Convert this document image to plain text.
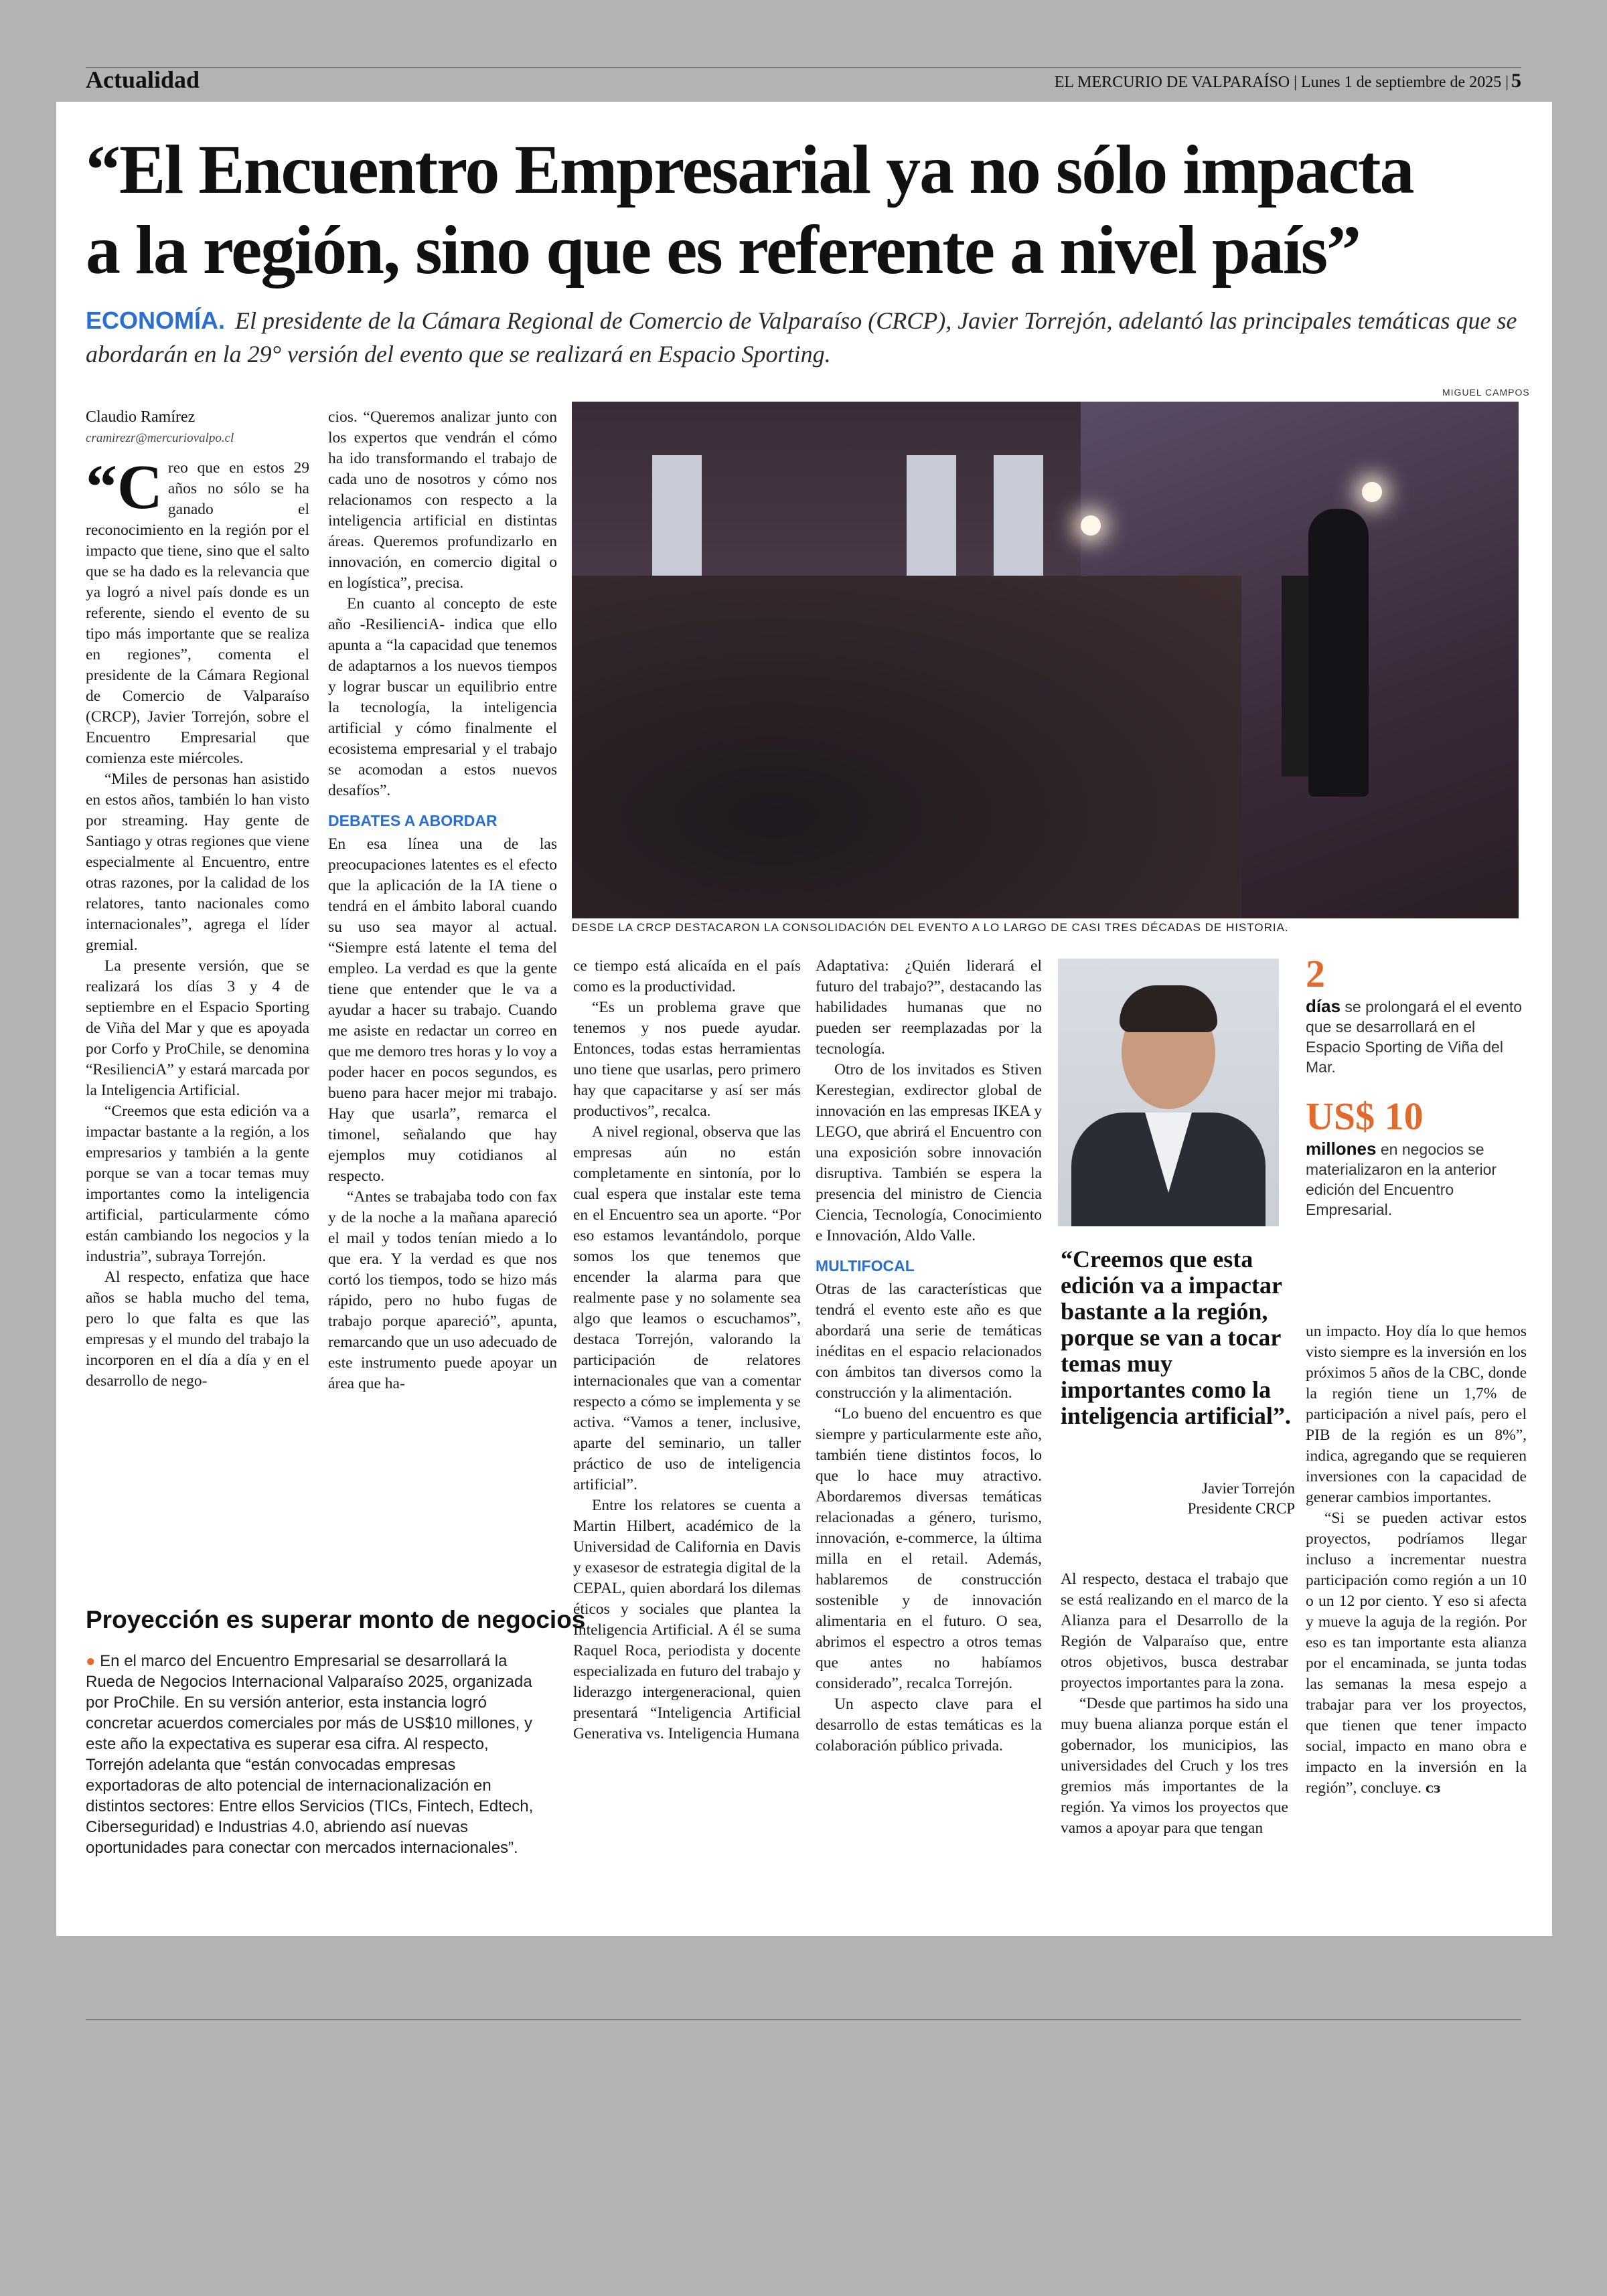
Actualidad	EL MERCURIO DE VALPARAÍSO | Lunes 1 de septiembre de 2025 | 5
“El Encuentro Empresarial ya no sólo impacta
a la región, sino que es referente a nivel país”
ECONOMÍA. El presidente de la Cámara Regional de Comercio de Valparaíso (CRCP), Javier Torrejón, adelantó las principales temáticas que se abordarán en la 29° versión del evento que se realizará en Espacio Sporting.
Claudio Ramírez
cramirezr@mercuriovalpo.cl

“Creo que en estos 29 años no sólo se ha ganado el reconocimiento en la región por el impacto que tiene, sino que el salto que se ha dado es la relevancia que ya logró a nivel país donde es un referente, siendo el evento de su tipo más importante que se realiza en regiones”, comenta el presidente de la Cámara Regional de Comercio de Valparaíso (CRCP), Javier Torrejón, sobre el Encuentro Empresarial que comienza este miércoles.

“Miles de personas han asistido en estos años, también lo han visto por streaming. Hay gente de Santiago y otras regiones que viene especialmente al Encuentro, entre otras razones, por la calidad de los relatores, tanto nacionales como internacionales”, agrega el líder gremial.

La presente versión, que se realizará los días 3 y 4 de septiembre en el Espacio Sporting de Viña del Mar y que es apoyada por Corfo y ProChile, se denomina “ResilienciA” y estará marcada por la Inteligencia Artificial.

“Creemos que esta edición va a impactar bastante a la región, a los empresarios y también a la gente porque se van a tocar temas muy importantes como la inteligencia artificial, particularmente cómo están cambiando los negocios y la industria”, subraya Torrejón.

Al respecto, enfatiza que hace años se habla mucho del tema, pero lo que falta es que las empresas y el mundo del trabajo la incorporen en el día a día y en el desarrollo de nego-

cios. “Queremos analizar junto con los expertos que vendrán el cómo ha ido transformando el trabajo de cada uno de nosotros y cómo nos relacionamos con respecto a la inteligencia artificial en distintas áreas. Queremos profundizarlo en innovación, en comercio digital o en logística”, precisa.

En cuanto al concepto de este año -ResilienciA- indica que ello apunta a “la capacidad que tenemos de adaptarnos a los nuevos tiempos y lograr buscar un equilibrio entre la tecnología, la inteligencia artificial y cómo finalmente el ecosistema empresarial y el trabajo se acomodan a estos nuevos desafíos”.

DEBATES A ABORDAR

En esa línea una de las preocupaciones latentes es el efecto que la aplicación de la IA tiene o tendrá en el ámbito laboral cuando su uso sea mayor al actual. “Siempre está latente el tema del empleo. La verdad es que la gente tiene que entender que le va a ayudar a hacer su trabajo. Cuando me asiste en redactar un correo en que me demoro tres horas y lo voy a poder hacer en pocos segundos, es bueno para hacer mejor mi trabajo. Hay que usarla”, remarca el timonel, señalando que hay ejemplos muy cotidianos al respecto.

“Antes se trabajaba todo con fax y de la noche a la mañana apareció el mail y todos tenían miedo a lo que era. Y la verdad es que nos cortó los tiempos, todo se hizo más rápido, pero no hubo fugas de trabajo porque apareció”, apunta, remarcando que un uso adecuado de este instrumento puede apoyar un área que ha-

MIGUEL CAMPOS
DESDE LA CRCP DESTACARON LA CONSOLIDACIÓN DEL EVENTO A LO LARGO DE CASI TRES DÉCADAS DE HISTORIA.

ce tiempo está alicaída en el país como es la productividad.

“Es un problema grave que tenemos y nos puede ayudar. Entonces, todas estas herramientas uno tiene que usarlas, pero primero hay que capacitarse y así ser más productivos”, recalca.

A nivel regional, observa que las empresas aún no están completamente en sintonía, por lo cual espera que instalar este tema en el Encuentro sea un aporte. “Por eso estamos levantándolo, porque somos los que tenemos que encender la alarma para que realmente pase y no solamente sea algo que leamos o escuchamos”, destaca Torrejón, valorando la participación de relatores internacionales que van a comentar respecto a cómo se implementa y se activa. “Vamos a tener, inclusive, aparte del seminario, un taller práctico de uso de inteligencia artificial”.

Entre los relatores se cuenta a Martin Hilbert, académico de la Universidad de California en Davis y exasesor de estrategia digital de la CEPAL, quien abordará los dilemas éticos y sociales que plantea la Inteligencia Artificial. A él se suma Raquel Roca, periodista y docente especializada en futuro del trabajo y liderazgo intergeneracional, quien presentará “Inteligencia Artificial Generativa vs. Inteligencia Humana

Adaptativa: ¿Quién liderará el futuro del trabajo?”, destacando las habilidades humanas que no pueden ser reemplazadas por la tecnología.

Otro de los invitados es Stiven Kerestegian, exdirector global de innovación en las empresas IKEA y LEGO, que abrirá el Encuentro con una exposición sobre innovación disruptiva. También se espera la presencia del ministro de Ciencia Ciencia, Tecnología, Conocimiento e Innovación, Aldo Valle.

MULTIFOCAL

Otras de las características que tendrá el evento este año es que abordará una serie de temáticas inéditas en el espacio relacionados con ámbitos tan diversos como la construcción y la alimentación.

“Lo bueno del encuentro es que siempre y particularmente este año, también tiene distintos focos, lo que lo hace muy atractivo. Abordaremos diversas temáticas relacionadas a género, turismo, innovación, e-commerce, la última milla en el retail. Además, hablaremos de construcción sostenible y de innovación alimentaria en el futuro. O sea, abrimos el espectro a otros temas que antes no habíamos considerado”, recalca Torrejón.

Un aspecto clave para el desarrollo de estas temáticas es la colaboración público privada.

“Creemos que esta edición va a impactar bastante a la región, porque se van a tocar temas muy importantes como la inteligencia artificial”.
Javier Torrejón
Presidente CRCP
2
días se prolongará el el evento que se desarrollará en el Espacio Sporting de Viña del Mar.
US$ 10
millones en negocios se materializaron en la anterior edición del Encuentro Empresarial.

Al respecto, destaca el trabajo que se está realizando en el marco de la Alianza para el Desarrollo de la Región de Valparaíso que, entre otros objetivos, busca destrabar proyectos importantes para la zona.

“Desde que partimos ha sido una muy buena alianza porque están el gobernador, los municipios, las universidades del Cruch y los tres gremios más importantes de la región. Ya vimos los proyectos que vamos a apoyar para que tengan

un impacto. Hoy día lo que hemos visto siempre es la inversión en los próximos 5 años de la CBC, donde la región tiene un 1,7% de participación a nivel país, pero el PIB de la región es un 8%”, indica, agregando que se requieren inversiones con la capacidad de generar cambios importantes.

“Si se pueden activar estos proyectos, podríamos llegar incluso a incrementar nuestra participación como región a un 10 o un 12 por ciento. Y eso si afecta y mueve la aguja de la región. Por eso es tan importante esta alianza por el encaminada, se junta todas las semanas la mesa espejo a trabajar para ver los proyectos, que tienen que tener impacto social, impacto en mano obra e impacto en la inversión en la región”, concluye. ᴄɜ

Proyección es superar monto de negocios
● En el marco del Encuentro Empresarial se desarrollará la Rueda de Negocios Internacional Valparaíso 2025, organizada por ProChile. En su versión anterior, esta instancia logró concretar acuerdos comerciales por más de US$10 millones, y este año la expectativa es superar esa cifra. Al respecto, Torrejón adelanta que “están convocadas empresas exportadoras de alto potencial de internacionalización en distintos sectores: Entre ellos Servicios (TICs, Fintech, Edtech, Ciberseguridad) e Industrias 4.0, abriendo así nuevas oportunidades para conectar con mercados internacionales”.
